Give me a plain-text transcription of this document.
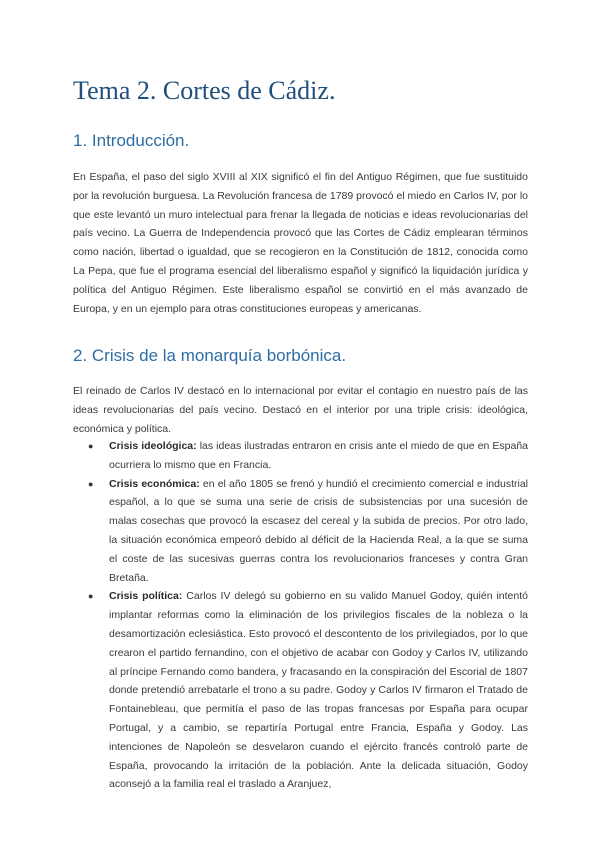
Tema 2. Cortes de Cádiz.
1. Introducción.

En España, el paso del siglo XVIII al XIX significó el fin del Antiguo Régimen, que fue sustituido por la revolución burguesa. La Revolución francesa de 1789 provocó el miedo en Carlos IV, por lo que este levantó un muro intelectual para frenar la llegada de noticias e ideas revolucionarias del país vecino. La Guerra de Independencia provocó que las Cortes de Cádiz emplearan términos como nación, libertad o igualdad, que se recogieron en la Constitución de 1812, conocida como La Pepa, que fue el programa esencial del liberalismo español y significó la liquidación jurídica y política del Antiguo Régimen. Este liberalismo español se convirtió en el más avanzado de Europa, y en un ejemplo para otras constituciones europeas y americanas.

2. Crisis de la monarquía borbónica.

El reinado de Carlos IV destacó en lo internacional por evitar el contagio en nuestro país de las ideas revolucionarias del país vecino. Destacó en el interior por una triple crisis: ideológica, económica y política.

● Crisis ideológica: las ideas ilustradas entraron en crisis ante el miedo de que en España ocurriera lo mismo que en Francia.
● Crisis económica: en el año 1805 se frenó y hundió el crecimiento comercial e industrial español, a lo que se suma una serie de crisis de subsistencias por una sucesión de malas cosechas que provocó la escasez del cereal y la subida de precios. Por otro lado, la situación económica empeoró debido al déficit de la Hacienda Real, a la que se suma el coste de las sucesivas guerras contra los revolucionarios franceses y contra Gran Bretaña.
● Crisis política: Carlos IV delegó su gobierno en su valido Manuel Godoy, quién intentó implantar reformas como la eliminación de los privilegios fiscales de la nobleza o la desamortización eclesiástica. Esto provocó el descontento de los privilegiados, por lo que crearon el partido fernandino, con el objetivo de acabar con Godoy y Carlos IV, utilizando al príncipe Fernando como bandera, y fracasando en la conspiración del Escorial de 1807 donde pretendió arrebatarle el trono a su padre. Godoy y Carlos IV firmaron el Tratado de Fontainebleau, que permitía el paso de las tropas francesas por España para ocupar Portugal, y a cambio, se repartiría Portugal entre Francia, España y Godoy. Las intenciones de Napoleón se desvelaron cuando el ejército francés controló parte de España, provocando la irritación de la población. Ante la delicada situación, Godoy aconsejó a la familia real el traslado a Aranjuez,
